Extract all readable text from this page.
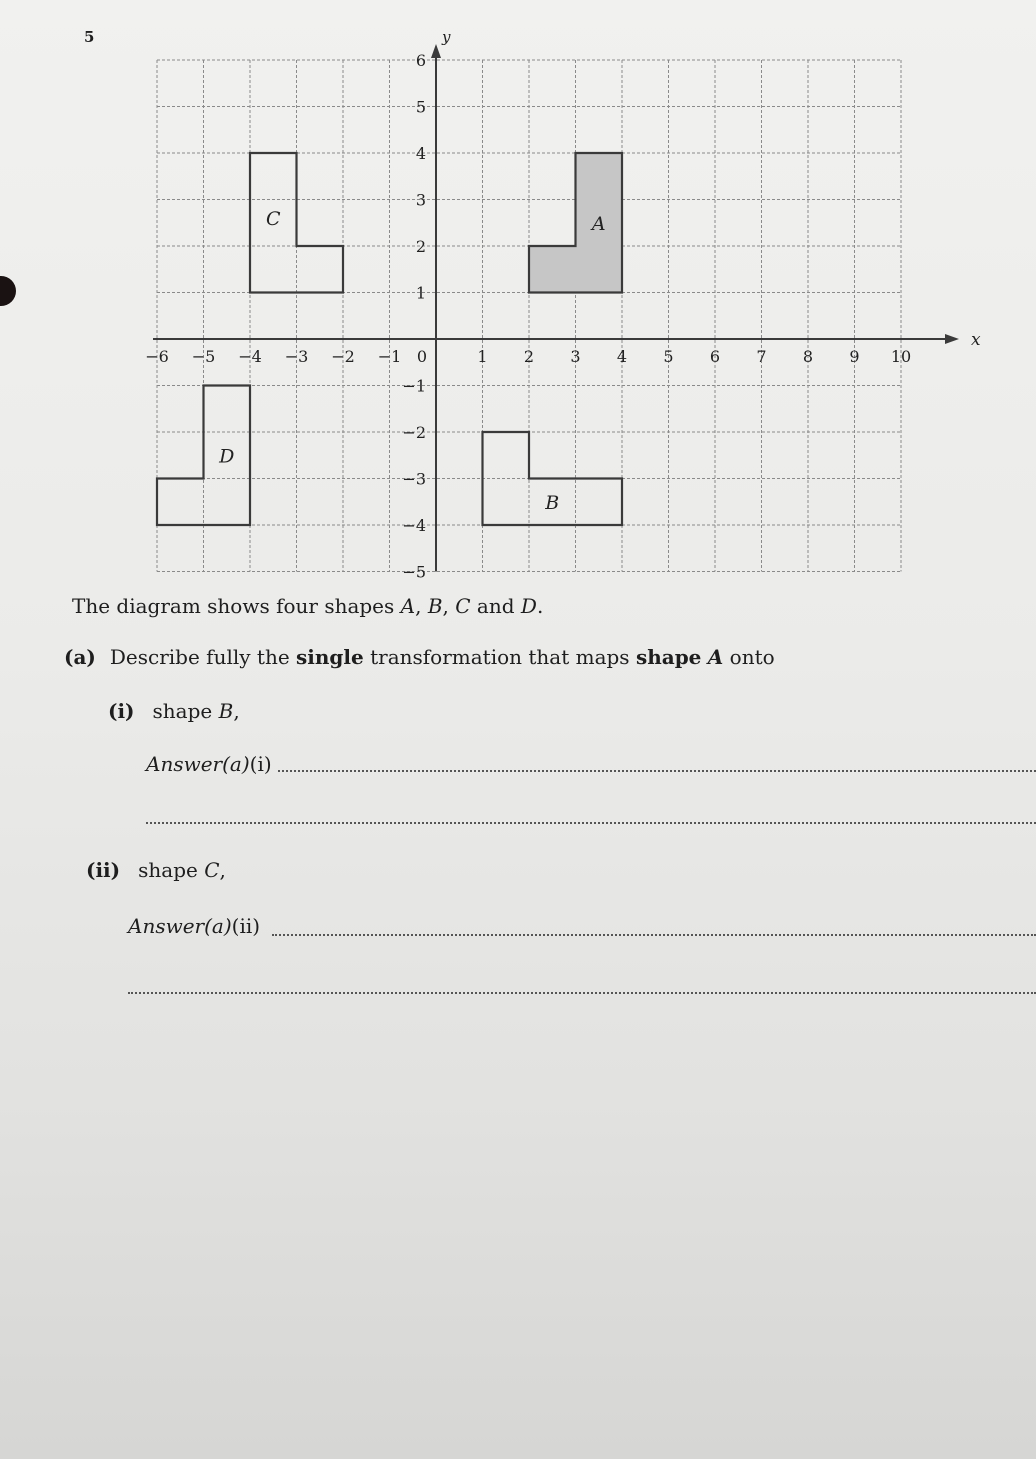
5
A
B
C
D
x
y
−6 −5 −4 −3 −2 −1 0	1 2 3 4 5 6 7 8 9 10
1
2
3
4
5
6
−1
−2
−3
−4
−5
The diagram shows four shapes A, B, C and D.
(a) Describe fully the single transformation that maps shape A onto
(i) shape B,
Answer(a)(i)
(ii) shape C,
Answer(a)(ii)
